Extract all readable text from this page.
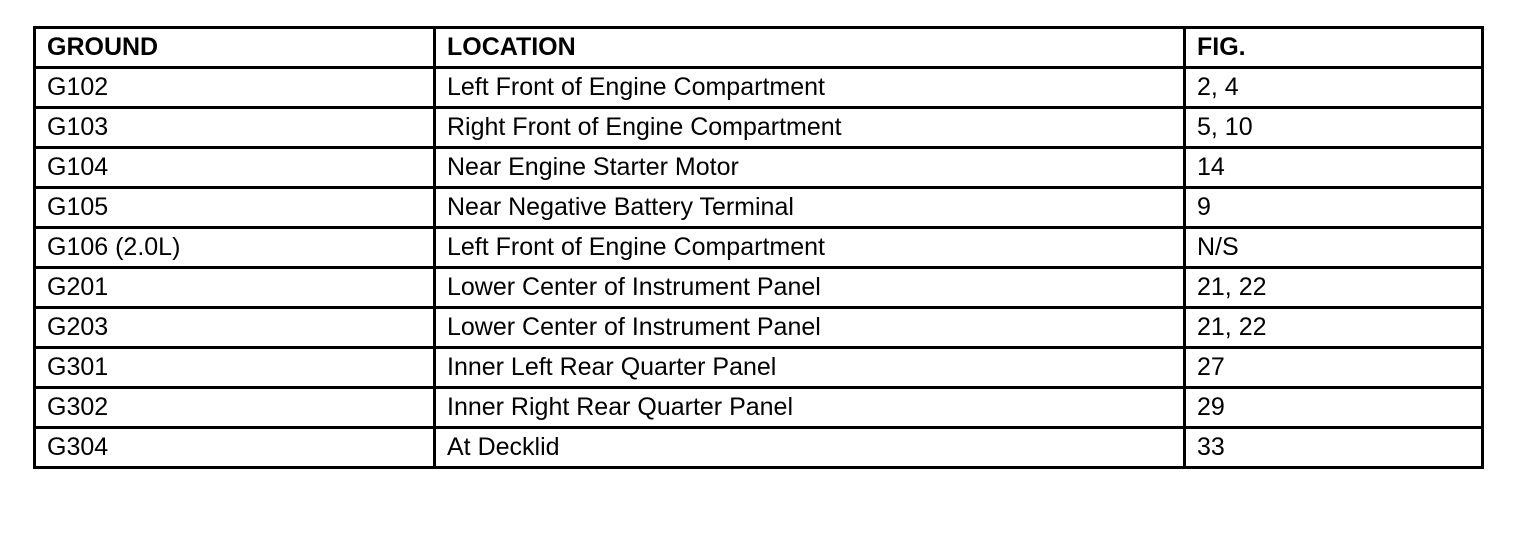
GROUND	LOCATION	FIG.
G102	Left Front of Engine Compartment	2, 4
G103	Right Front of Engine Compartment	5, 10
G104	Near Engine Starter Motor	14
G105	Near Negative Battery Terminal	9
G106 (2.0L)	Left Front of Engine Compartment	N/S
G201	Lower Center of Instrument Panel	21, 22
G203	Lower Center of Instrument Panel	21, 22
G301	Inner Left Rear Quarter Panel	27
G302	Inner Right Rear Quarter Panel	29
G304	At Decklid	33
